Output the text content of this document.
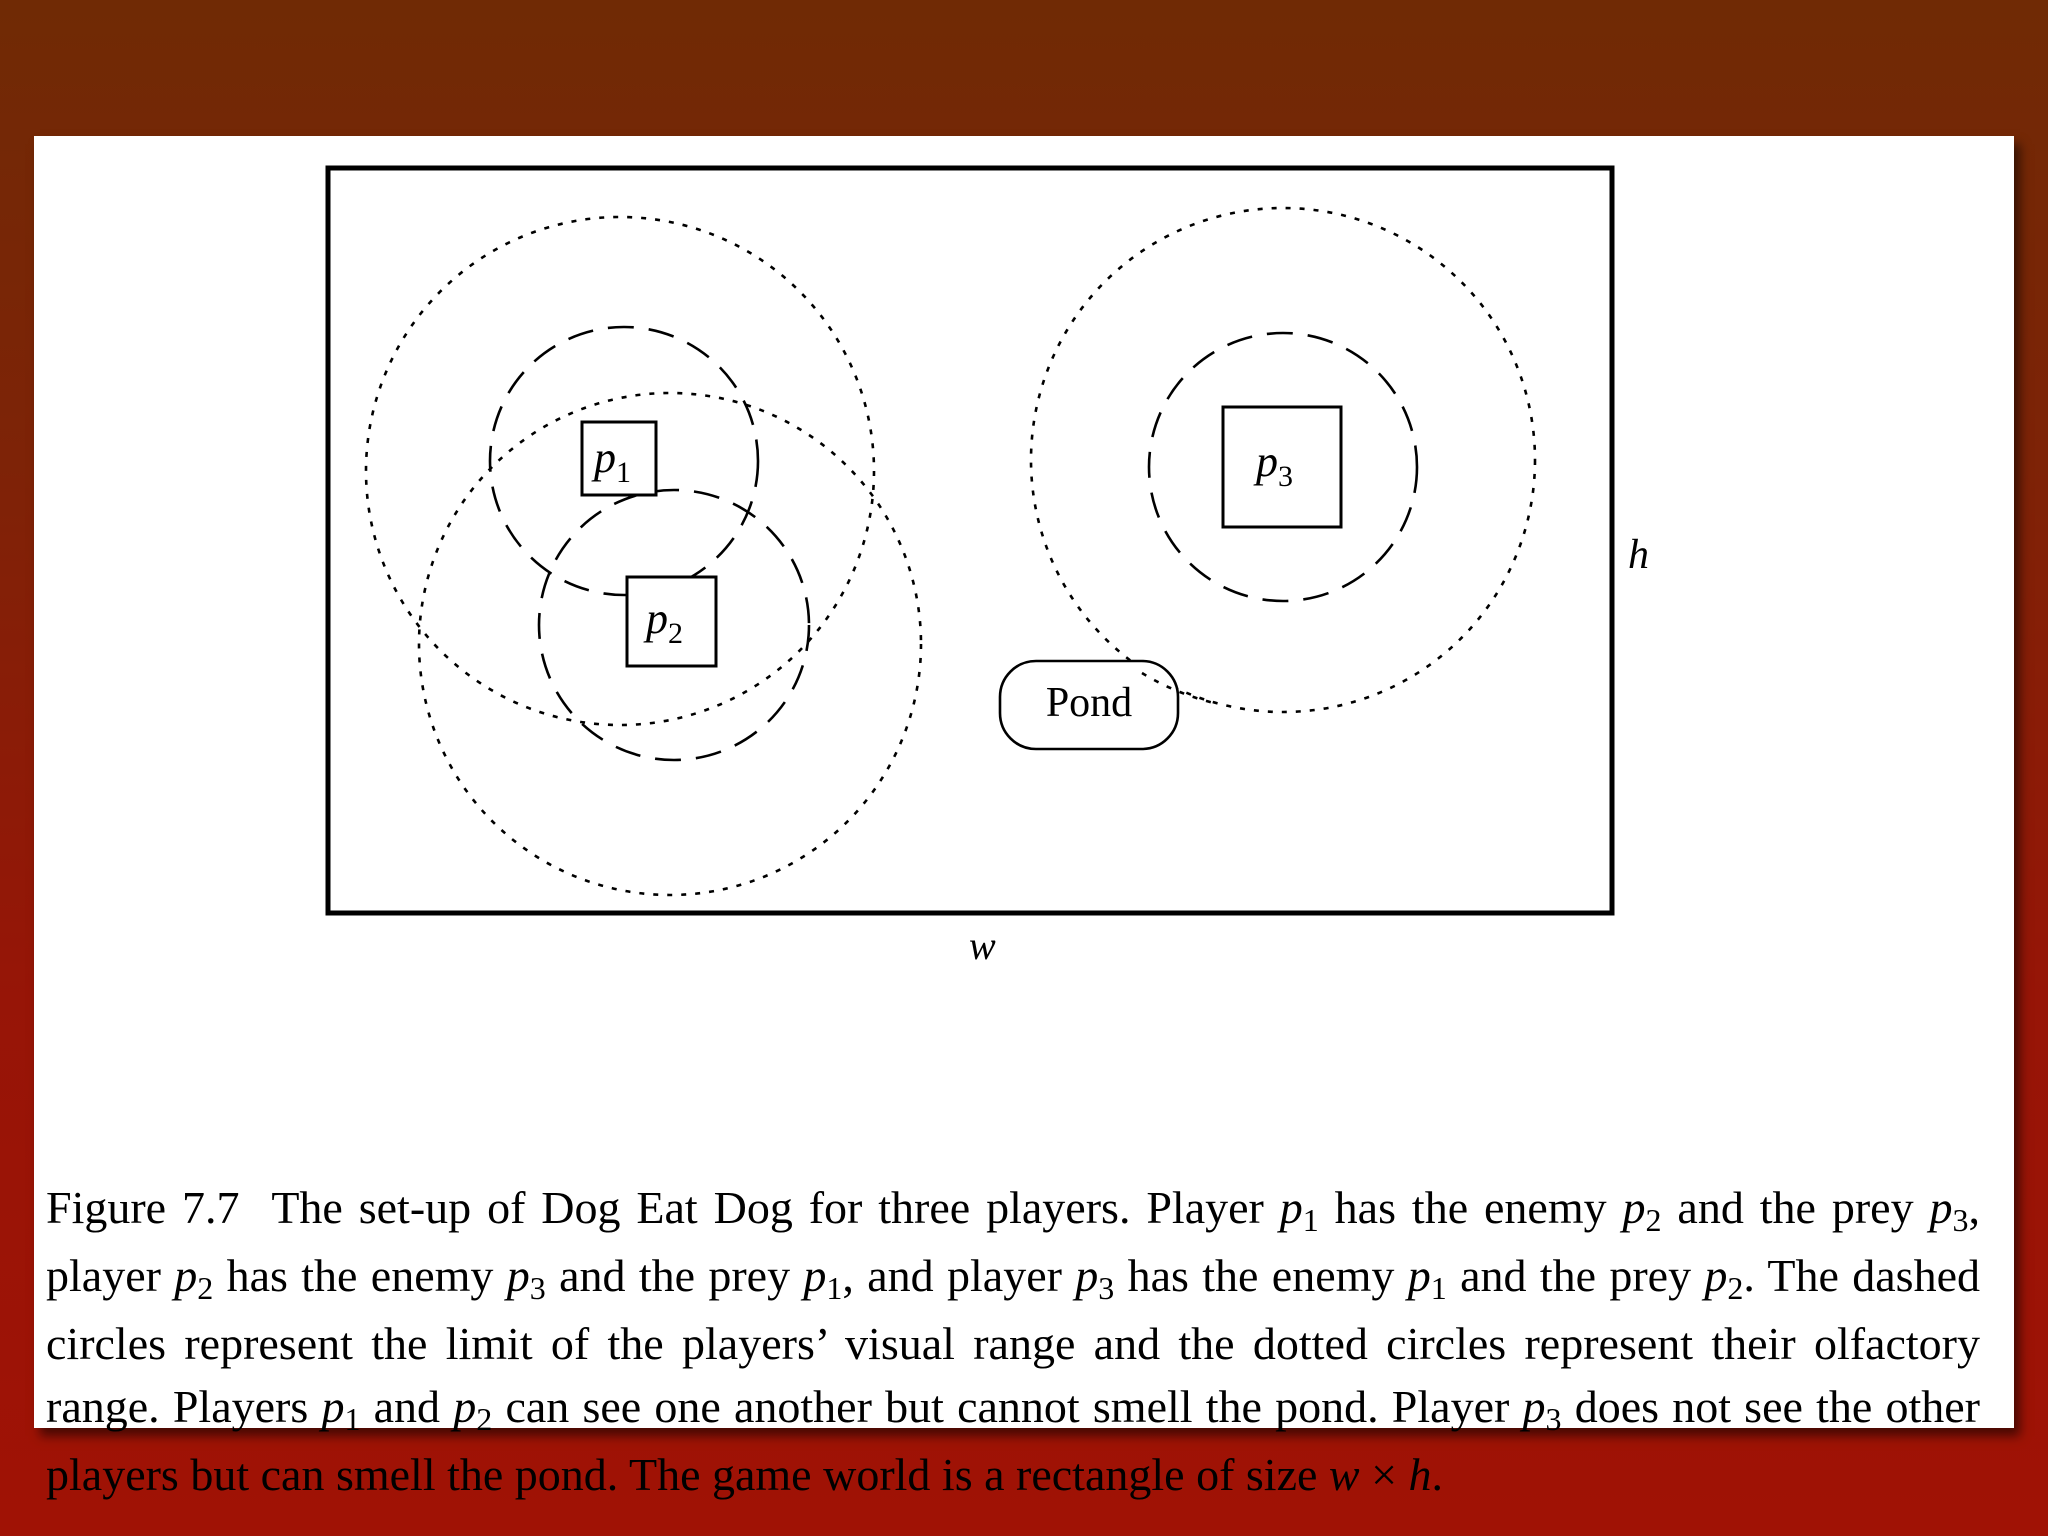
$p_1$
$p_2$
$p_3$
Pond
w
h
Figure 7.7  The set-up of Dog Eat Dog for three players. Player $p_1$ has the enemy $p_2$ and the prey $p_3$, player $p_2$ has the enemy $p_3$ and the prey $p_1$, and player $p_3$ has the enemy $p_1$ and the prey $p_2$. The dashed circles represent the limit of the players’ visual range and the dotted circles represent their olfactory range. Players $p_1$ and $p_2$ can see one another but cannot smell the pond. Player $p_3$ does not see the other players but can smell the pond. The game world is a rectangle of size w × h.
